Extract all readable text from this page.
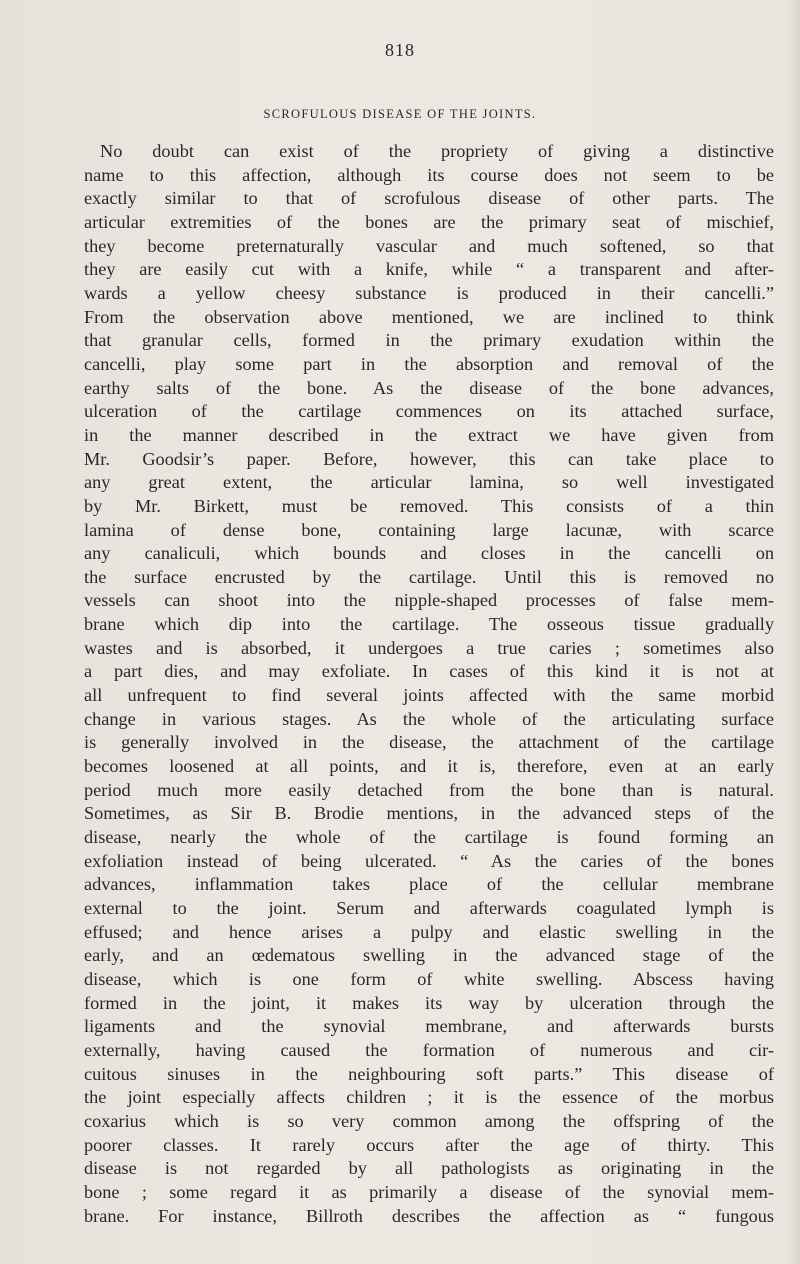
818
SCROFULOUS DISEASE OF THE JOINTS.
No doubt can exist of the propriety of giving a distinctive
name to this affection, although its course does not seem to be
exactly similar to that of scrofulous disease of other parts. The
articular extremities of the bones are the primary seat of mischief,
they become preternaturally vascular and much softened, so that
they are easily cut with a knife, while “ a transparent and after-
wards a yellow cheesy substance is produced in their cancelli.”
From the observation above mentioned, we are inclined to think
that granular cells, formed in the primary exudation within the
cancelli, play some part in the absorption and removal of the
earthy salts of the bone. As the disease of the bone advances,
ulceration of the cartilage commences on its attached surface,
in the manner described in the extract we have given from
Mr. Goodsir’s paper. Before, however, this can take place to
any great extent, the articular lamina, so well investigated
by Mr. Birkett, must be removed. This consists of a thin
lamina of dense bone, containing large lacunæ, with scarce
any canaliculi, which bounds and closes in the cancelli on
the surface encrusted by the cartilage. Until this is removed no
vessels can shoot into the nipple-shaped processes of false mem-
brane which dip into the cartilage. The osseous tissue gradually
wastes and is absorbed, it undergoes a true caries ; sometimes also
a part dies, and may exfoliate. In cases of this kind it is not at
all unfrequent to find several joints affected with the same morbid
change in various stages. As the whole of the articulating surface
is generally involved in the disease, the attachment of the cartilage
becomes loosened at all points, and it is, therefore, even at an early
period much more easily detached from the bone than is natural.
Sometimes, as Sir B. Brodie mentions, in the advanced steps of the
disease, nearly the whole of the cartilage is found forming an
exfoliation instead of being ulcerated. “ As the caries of the bones
advances, inflammation takes place of the cellular membrane
external to the joint. Serum and afterwards coagulated lymph is
effused; and hence arises a pulpy and elastic swelling in the
early, and an œdematous swelling in the advanced stage of the
disease, which is one form of white swelling. Abscess having
formed in the joint, it makes its way by ulceration through the
ligaments and the synovial membrane, and afterwards bursts
externally, having caused the formation of numerous and cir-
cuitous sinuses in the neighbouring soft parts.” This disease of
the joint especially affects children ; it is the essence of the morbus
coxarius which is so very common among the offspring of the
poorer classes. It rarely occurs after the age of thirty. This
disease is not regarded by all pathologists as originating in the
bone ; some regard it as primarily a disease of the synovial mem-
brane. For instance, Billroth describes the affection as “ fungous
